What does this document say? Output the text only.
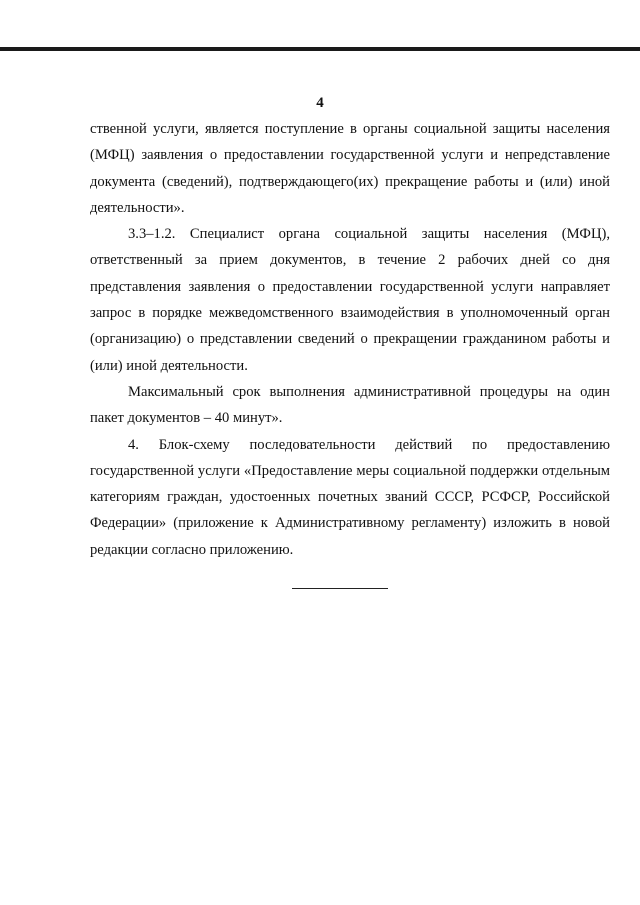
4

ственной услуги, является поступление в органы социальной защиты населения (МФЦ) заявления о предоставлении государственной услуги и непредставление документа (сведений), подтверждающего(их) прекращение работы и (или) иной деятельности».

3.3–1.2. Специалист органа социальной защиты населения (МФЦ), ответственный за прием документов, в течение 2 рабочих дней со дня представления заявления о предоставлении государственной услуги направляет запрос в порядке межведомственного взаимодействия в уполномоченный орган (организацию) о представлении сведений о прекращении гражданином работы и (или) иной деятельности.

Максимальный срок выполнения административной процедуры на один пакет документов – 40 минут».

4. Блок-схему последовательности действий по предоставлению государственной услуги «Предоставление меры социальной поддержки отдельным категориям граждан, удостоенных почетных званий СССР, РСФСР, Российской Федерации» (приложение к Административному регламенту) изложить в новой редакции согласно приложению.
